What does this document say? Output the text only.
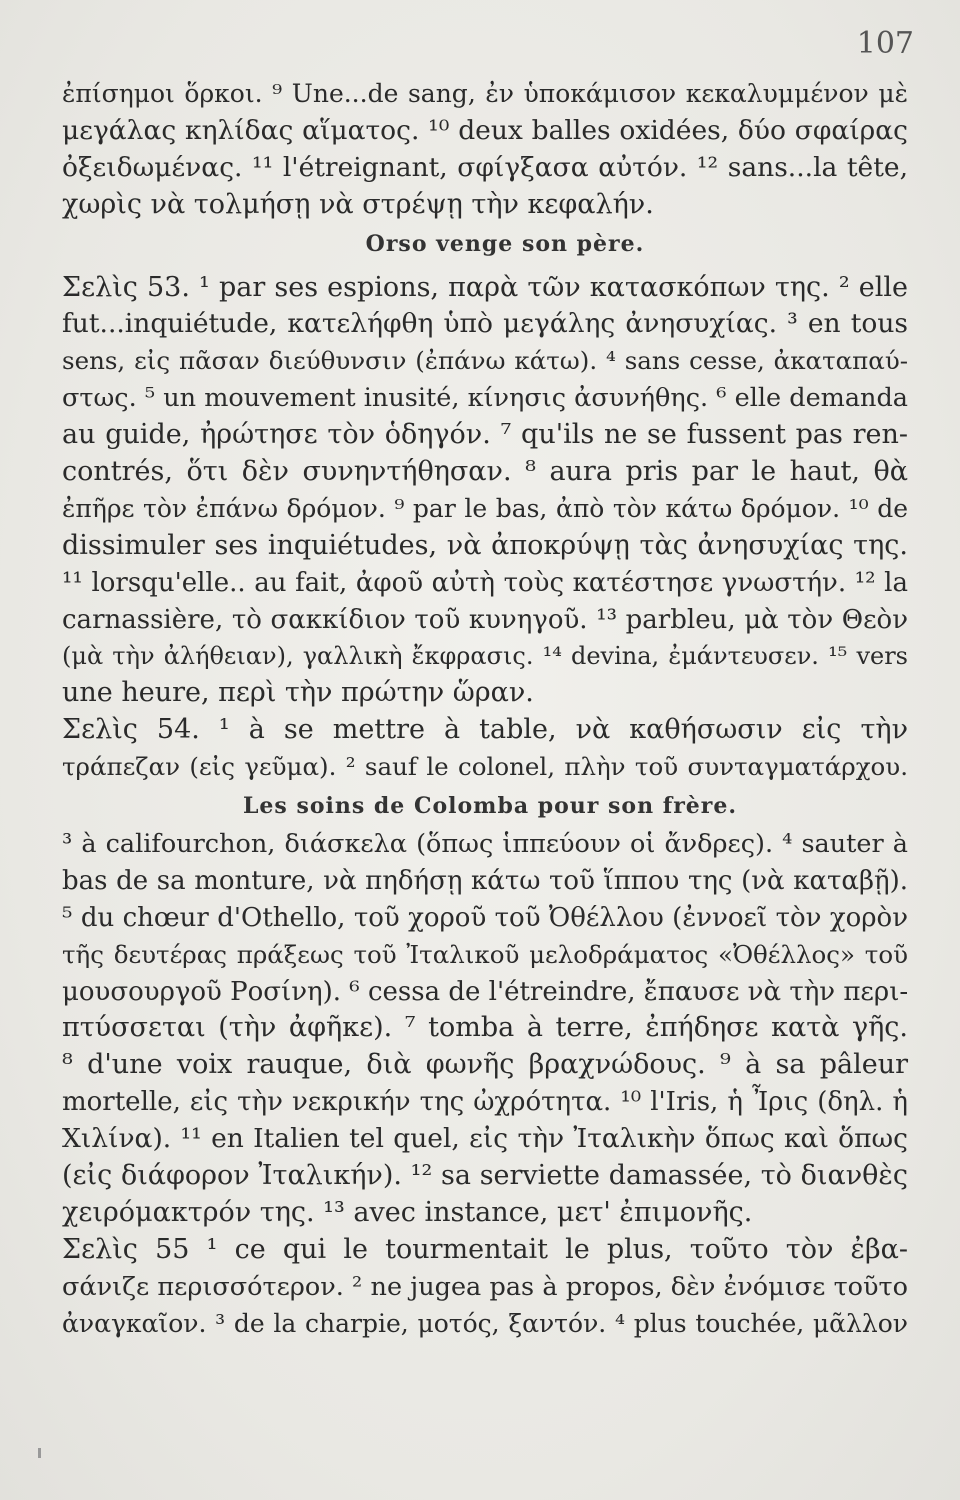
107
ἐπίσημοι ὅρκοι. ⁹ Une...de sang, ἐν ὑποκάμισον κεκαλυμμένον μὲ
μεγάλας κηλίδας αἵματος. ¹⁰ deux balles oxidées, δύο σφαίρας
ὀξειδωμένας. ¹¹ l'étreignant, σφίγξασα αὐτόν. ¹² sans...la tête,
χωρὶς νὰ τολμήσῃ νὰ στρέψῃ τὴν κεφαλήν.
Orso venge son père.
Σελὶς 53. ¹ par ses espions, παρὰ τῶν κατασκόπων της. ² elle
fut...inquiétude, κατελήφθη ὑπὸ μεγάλης ἀνησυχίας. ³ en tous
sens, εἰς πᾶσαν διεύθυνσιν (ἐπάνω κάτω). ⁴ sans cesse, ἀκαταπαύ-
στως. ⁵ un mouvement inusité, κίνησις ἀσυνήθης. ⁶ elle demanda
au guide, ἠρώτησε τὸν ὁδηγόν. ⁷ qu'ils ne se fussent pas ren-
contrés, ὅτι δὲν συνηντήθησαν. ⁸ aura pris par le haut, θὰ
ἐπῆρε τὸν ἐπάνω δρόμον. ⁹ par le bas, ἀπὸ τὸν κάτω δρόμον. ¹⁰ de
dissimuler ses inquiétudes, νὰ ἀποκρύψῃ τὰς ἀνησυχίας της.
¹¹ lorsqu'elle.. au fait, ἀφοῦ αὐτὴ τοὺς κατέστησε γνωστήν. ¹² la
carnassière, τὸ σακκίδιον τοῦ κυνηγοῦ. ¹³ parbleu, μὰ τὸν Θεὸν
(μὰ τὴν ἀλήθειαν), γαλλικὴ ἔκφρασις. ¹⁴ devina, ἐμάντευσεν. ¹⁵ vers
une heure, περὶ τὴν πρώτην ὥραν.
Σελὶς 54. ¹ à se mettre à table, νὰ καθήσωσιν εἰς τὴν
τράπεζαν (εἰς γεῦμα). ² sauf le colonel, πλὴν τοῦ συνταγματάρχου.
Les soins de Colomba pour son frère.
³ à califourchon, διάσκελα (ὅπως ἱππεύουν οἱ ἄνδρες). ⁴ sauter à
bas de sa monture, νὰ πηδήσῃ κάτω τοῦ ἵππου της (νὰ καταβῇ).
⁵ du chœur d'Othello, τοῦ χοροῦ τοῦ Ὀθέλλου (ἐννοεῖ τὸν χορὸν
τῆς δευτέρας πράξεως τοῦ Ἰταλικοῦ μελοδράματος «Ὀθέλλος» τοῦ
μουσουργοῦ Ροσίνη). ⁶ cessa de l'étreindre, ἔπαυσε νὰ τὴν περι-
πτύσσεται (τὴν ἀφῆκε). ⁷ tomba à terre, ἐπήδησε κατὰ γῆς.
⁸ d'une voix rauque, διὰ φωνῆς βραχνώδους. ⁹ à sa pâleur
mortelle, εἰς τὴν νεκρικήν της ὠχρότητα. ¹⁰ l'Iris, ἡ Ἶρις (δηλ. ἡ
Χιλίνα). ¹¹ en Italien tel quel, εἰς τὴν Ἰταλικὴν ὅπως καὶ ὅπως
(εἰς διάφορον Ἰταλικήν). ¹² sa serviette damassée, τὸ διανθὲς
χειρόμακτρόν της. ¹³ avec instance, μετ' ἐπιμονῆς.
Σελὶς 55 ¹ ce qui le tourmentait le plus, τοῦτο τὸν ἐβα-
σάνιζε περισσότερον. ² ne jugea pas à propos, δὲν ἐνόμισε τοῦτο
ἀναγκαῖον. ³ de la charpie, μοτός, ξαντόν. ⁴ plus touchée, μᾶλλον
